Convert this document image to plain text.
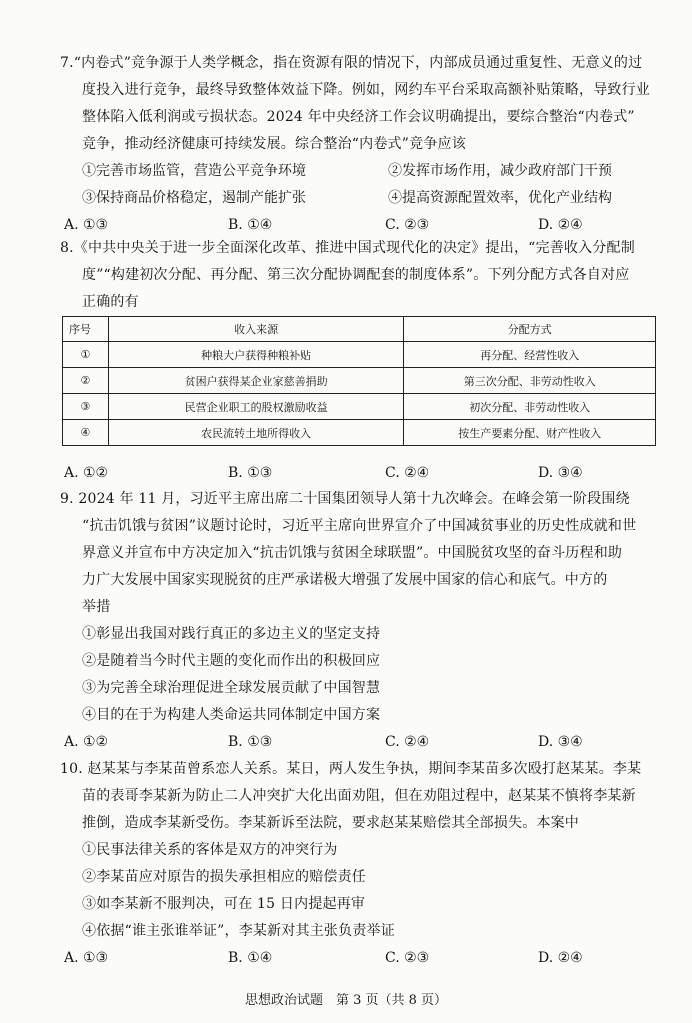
7.“内卷式”竞争源于人类学概念，指在资源有限的情况下，内部成员通过重复性、无意义的过
度投入进行竞争，最终导致整体效益下降。例如，网约车平台采取高额补贴策略，导致行业
整体陷入低利润或亏损状态。2024 年中央经济工作会议明确提出，要综合整治“内卷式”
竞争，推动经济健康可持续发展。综合整治“内卷式”竞争应该
①完善市场监管，营造公平竞争环境	②发挥市场作用，减少政府部门干预
③保持商品价格稳定，遏制产能扩张	④提高资源配置效率，优化产业结构
A. ①③	B. ①④	C. ②③	D. ②④
8.《中共中央关于进一步全面深化改革、推进中国式现代化的决定》提出，“完善收入分配制
度”“构建初次分配、再分配、第三次分配协调配套的制度体系”。下列分配方式各自对应
正确的有
序号	收入来源	分配方式
①	种粮大户获得种粮补贴	再分配、经营性收入
②	贫困户获得某企业家慈善捐助	第三次分配、非劳动性收入
③	民营企业职工的股权激励收益	初次分配、非劳动性收入
④	农民流转土地所得收入	按生产要素分配、财产性收入
A. ①②	B. ①③	C. ②④	D. ③④
9. 2024 年 11 月，习近平主席出席二十国集团领导人第十九次峰会。在峰会第一阶段围绕
“抗击饥饿与贫困”议题讨论时，习近平主席向世界宣介了中国减贫事业的历史性成就和世
界意义并宣布中方决定加入“抗击饥饿与贫困全球联盟”。中国脱贫攻坚的奋斗历程和助
力广大发展中国家实现脱贫的庄严承诺极大增强了发展中国家的信心和底气。中方的
举措
①彰显出我国对践行真正的多边主义的坚定支持
②是随着当今时代主题的变化而作出的积极回应
③为完善全球治理促进全球发展贡献了中国智慧
④目的在于为构建人类命运共同体制定中国方案
A. ①②	B. ①③	C. ②④	D. ③④
10. 赵某某与李某苗曾系恋人关系。某日，两人发生争执，期间李某苗多次殴打赵某某。李某
苗的表哥李某新为防止二人冲突扩大化出面劝阻，但在劝阻过程中，赵某某不慎将李某新
推倒，造成李某新受伤。李某新诉至法院，要求赵某某赔偿其全部损失。本案中
①民事法律关系的客体是双方的冲突行为
②李某苗应对原告的损失承担相应的赔偿责任
③如李某新不服判决，可在 15 日内提起再审
④依据“谁主张谁举证”，李某新对其主张负责举证
A. ①③	B. ①④	C. ②③	D. ②④
思想政治试题　第 3 页（共 8 页）
